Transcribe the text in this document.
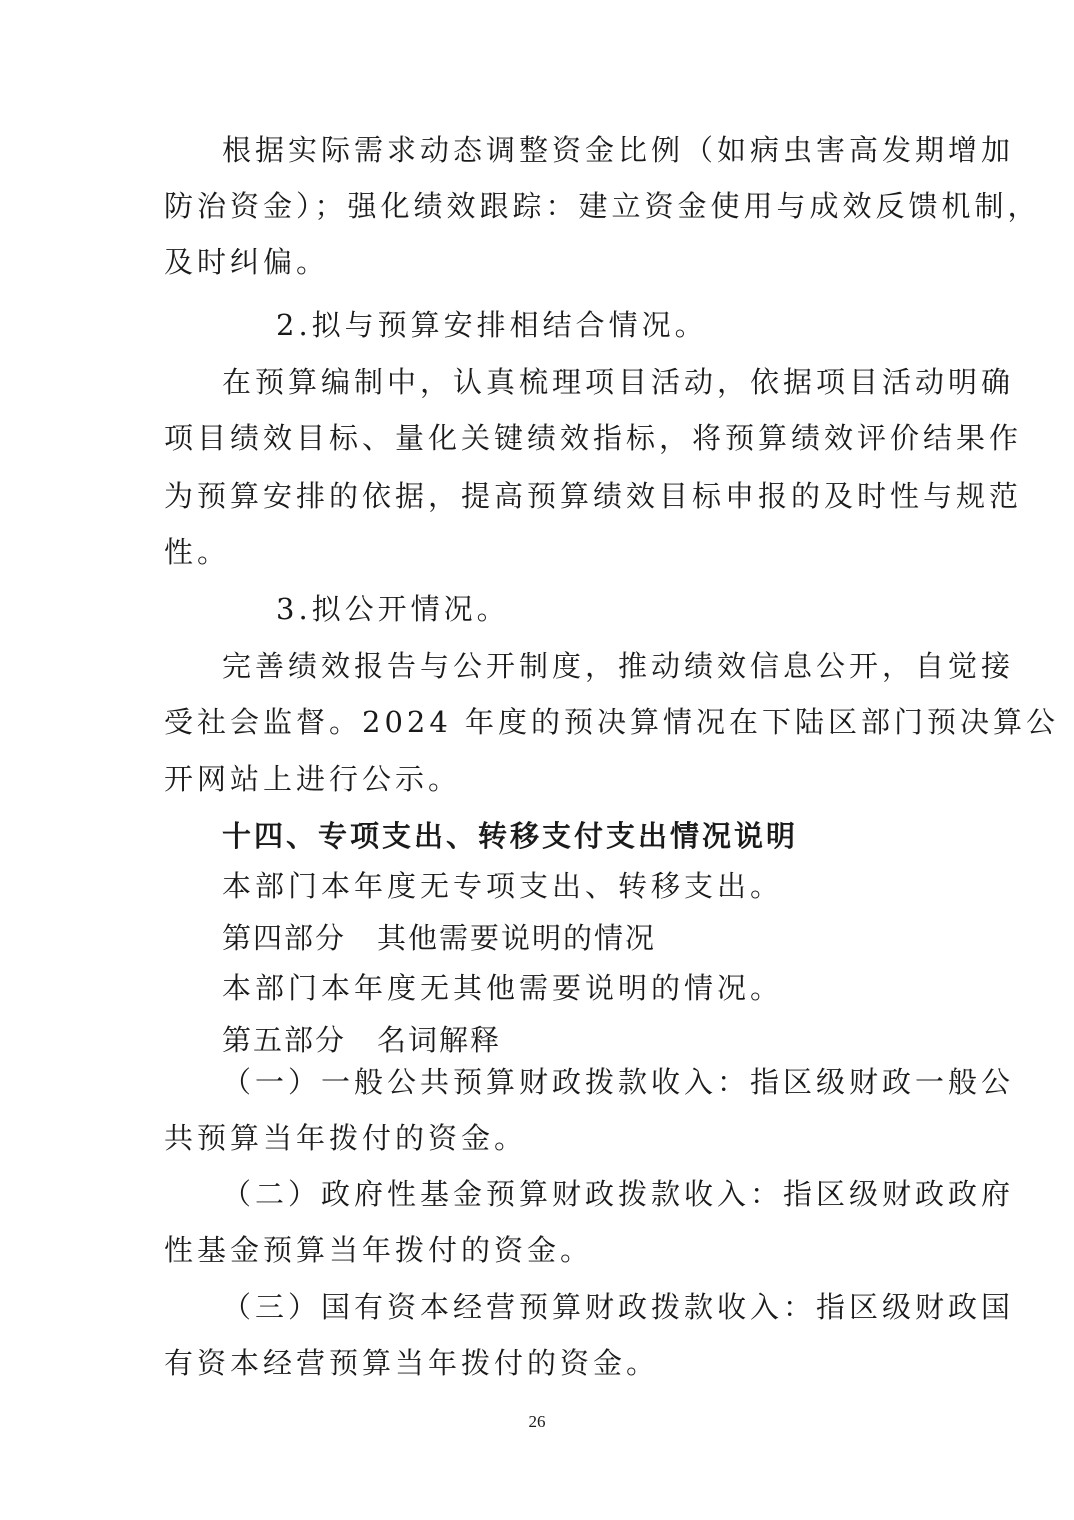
根据实际需求动态调整资金比例（如病虫害高发期增加

防治资金）；强化绩效跟踪：建立资金使用与成效反馈机制，

及时纠偏。

2.拟与预算安排相结合情况。

在预算编制中，认真梳理项目活动，依据项目活动明确

项目绩效目标、量化关键绩效指标，将预算绩效评价结果作

为预算安排的依据，提高预算绩效目标申报的及时性与规范

性。

3.拟公开情况。

完善绩效报告与公开制度，推动绩效信息公开，自觉接

受社会监督。2024 年度的预决算情况在下陆区部门预决算公

开网站上进行公示。

十四、专项支出、转移支付支出情况说明

本部门本年度无专项支出、转移支出。

第四部分　其他需要说明的情况

本部门本年度无其他需要说明的情况。

第五部分　名词解释

（一）一般公共预算财政拨款收入：指区级财政一般公

共预算当年拨付的资金。

（二）政府性基金预算财政拨款收入：指区级财政政府

性基金预算当年拨付的资金。

（三）国有资本经营预算财政拨款收入：指区级财政国

有资本经营预算当年拨付的资金。

26
